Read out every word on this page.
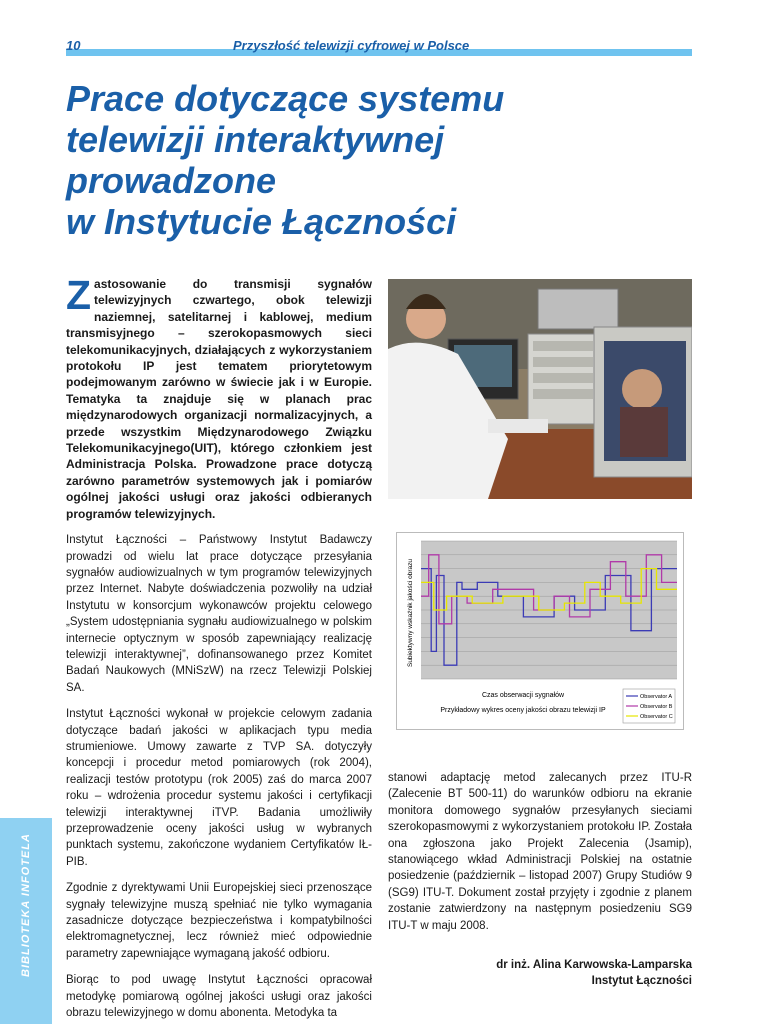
10	Przyszłość telewizji cyfrowej w Polsce
Prace dotyczące systemu
telewizji interaktywnej
prowadzone
w Instytucie Łączności

Zastosowanie do transmisji sygnałów telewizyjnych czwartego, obok telewizji naziemnej, satelitarnej i kablowej, medium transmisyjnego – szerokopasmowych sieci telekomunikacyjnych, działających z wykorzystaniem protokołu IP jest tematem priorytetowym podejmowanym zarówno w świecie jak i w Europie. Tematyka ta znajduje się w planach prac międzynarodowych organizacji normalizacyjnych, a przede wszystkim Międzynarodowego Związku Telekomunikacyjnego(UIT), którego członkiem jest Administracja Polska. Prowadzone prace dotyczą zarówno parametrów systemowych jak i pomiarów ogólnej jakości usługi oraz jakości odbieranych programów telewizyjnych.

Instytut Łączności – Państwowy Instytut Badawczy prowadzi od wielu lat prace dotyczące przesyłania sygnałów audiowizualnych w tym programów telewizyjnych przez Internet. Nabyte doświadczenia pozwoliły na udział Instytutu w konsorcjum wykonawców projektu celowego „System udostępniania sygnału audiowizualnego w polskim internecie optycznym w sposób zapewniający realizację telewizji interaktywnej”, dofinansowanego przez Komitet Badań Naukowych (MNiSzW) na rzecz Telewizji Polskiej SA.

Instytut Łączności wykonał w projekcie celowym zadania dotyczące badań jakości w aplikacjach typu media strumieniowe. Umowy zawarte z TVP SA. dotyczyły koncepcji i procedur metod pomiarowych (rok 2004), realizacji testów prototypu (rok 2005) zaś do marca 2007 roku – wdrożenia procedur systemu jakości i certyfikacji telewizji interaktywnej iTVP. Badania umożliwiły przeprowadzenie oceny jakości usług w wybranych punktach systemu, zakończone wydaniem Certyfikatów IŁ-PIB.

Zgodnie z dyrektywami Unii Europejskiej sieci przenoszące sygnały telewizyjne muszą spełniać nie tylko wymagania zasadnicze dotyczące bezpieczeństwa i kompatybilności elektromagnetycznej, lecz również mieć odpowiednie parametry zapewniające wymaganą jakość odbioru.

Biorąc to pod uwagę Instytut Łączności opracował metodykę pomiarową ogólnej jakości usługi oraz jakości obrazu telewizyjnego w domu abonenta. Metodyka ta

Subiektywny wskaźnik jakości obrazu
Czas obserwacji sygnałów
Przykładowy wykres oceny jakości obrazu telewizji IP
Observator A
Observator B
Observator C

stanowi adaptację metod zalecanych przez ITU-R (Zalecenie BT 500-11) do warunków odbioru na ekranie monitora domowego sygnałów przesyłanych sieciami szerokopasmowymi z wykorzystaniem protokołu IP. Została ona zgłoszona jako Projekt Zalecenia (Jsamip), stanowiącego wkład Administracji Polskiej na ostatnie posiedzenie (październik – listopad 2007) Grupy Studiów 9 (SG9) ITU-T. Dokument został przyjęty i zgodnie z planem zostanie zatwierdzony na następnym posiedzeniu SG9 ITU-T w maju 2008.

dr inż. Alina Karwowska-Lamparska
Instytut Łączności
BIBLIOTEKA INFOTELA
